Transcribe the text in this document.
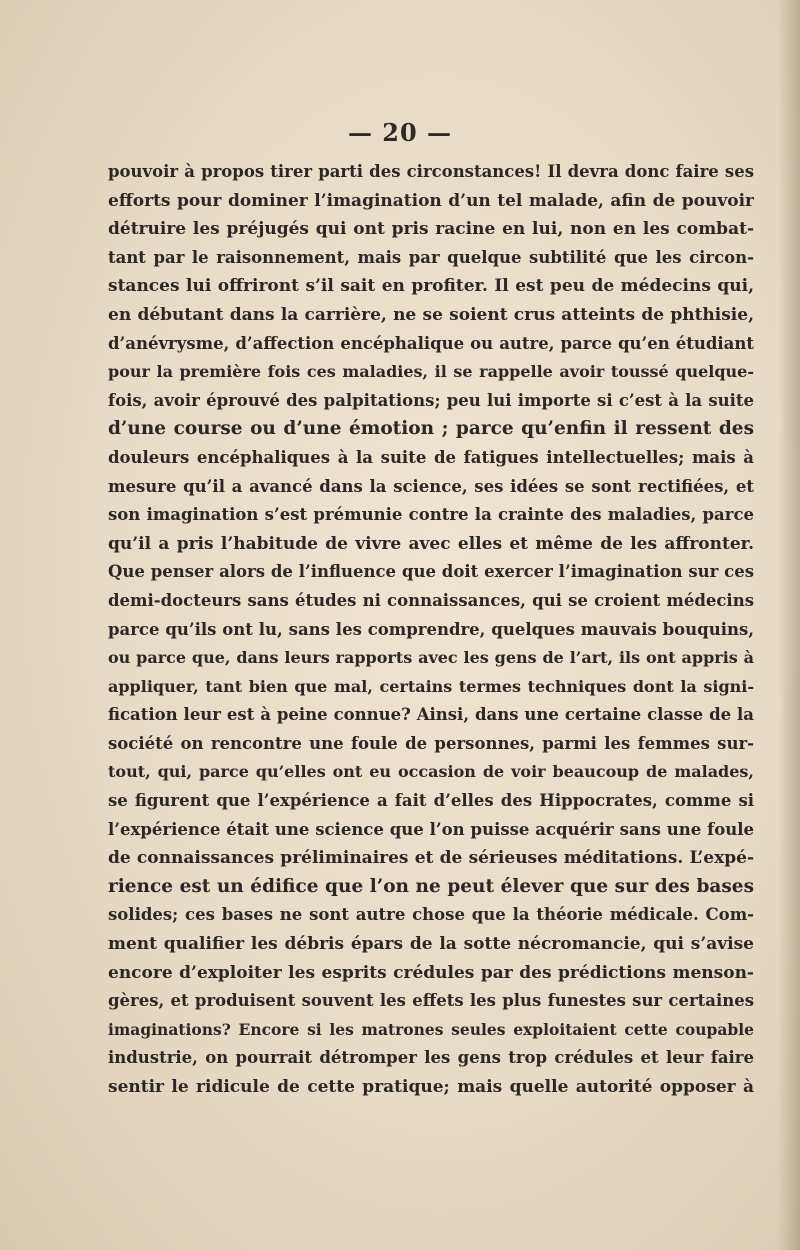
— 20 —
pouvoir à propos tirer parti des circonstances! Il devra donc faire ses
efforts pour dominer l’imagination d’un tel malade, afin de pouvoir
détruire les préjugés qui ont pris racine en lui, non en les combat-
tant par le raisonnement, mais par quelque subtilité que les circon-
stances lui offriront s’il sait en profiter. Il est peu de médecins qui,
en débutant dans la carrière, ne se soient crus atteints de phthisie,
d’anévrysme, d’affection encéphalique ou autre, parce qu’en étudiant
pour la première fois ces maladies, il se rappelle avoir toussé quelque-
fois, avoir éprouvé des palpitations; peu lui importe si c’est à la suite
d’une course ou d’une émotion ; parce qu’enfin il ressent des
douleurs encéphaliques à la suite de fatigues intellectuelles; mais à
mesure qu’il a avancé dans la science, ses idées se sont rectifiées, et
son imagination s’est prémunie contre la crainte des maladies, parce
qu’il a pris l’habitude de vivre avec elles et même de les affronter.
Que penser alors de l’influence que doit exercer l’imagination sur ces
demi-docteurs sans études ni connaissances, qui se croient médecins
parce qu’ils ont lu, sans les comprendre, quelques mauvais bouquins,
ou parce que, dans leurs rapports avec les gens de l’art, ils ont appris à
appliquer, tant bien que mal, certains termes techniques dont la signi-
fication leur est à peine connue? Ainsi, dans une certaine classe de la
société on rencontre une foule de personnes, parmi les femmes sur-
tout, qui, parce qu’elles ont eu occasion de voir beaucoup de malades,
se figurent que l’expérience a fait d’elles des Hippocrates, comme si
l’expérience était une science que l’on puisse acquérir sans une foule
de connaissances préliminaires et de sérieuses méditations. L’expé-
rience est un édifice que l’on ne peut élever que sur des bases
solides; ces bases ne sont autre chose que la théorie médicale. Com-
ment qualifier les débris épars de la sotte nécromancie, qui s’avise
encore d’exploiter les esprits crédules par des prédictions menson-
gères, et produisent souvent les effets les plus funestes sur certaines
imaginations? Encore si les matrones seules exploitaient cette coupable
industrie, on pourrait détromper les gens trop crédules et leur faire
sentir le ridicule de cette pratique; mais quelle autorité opposer à
